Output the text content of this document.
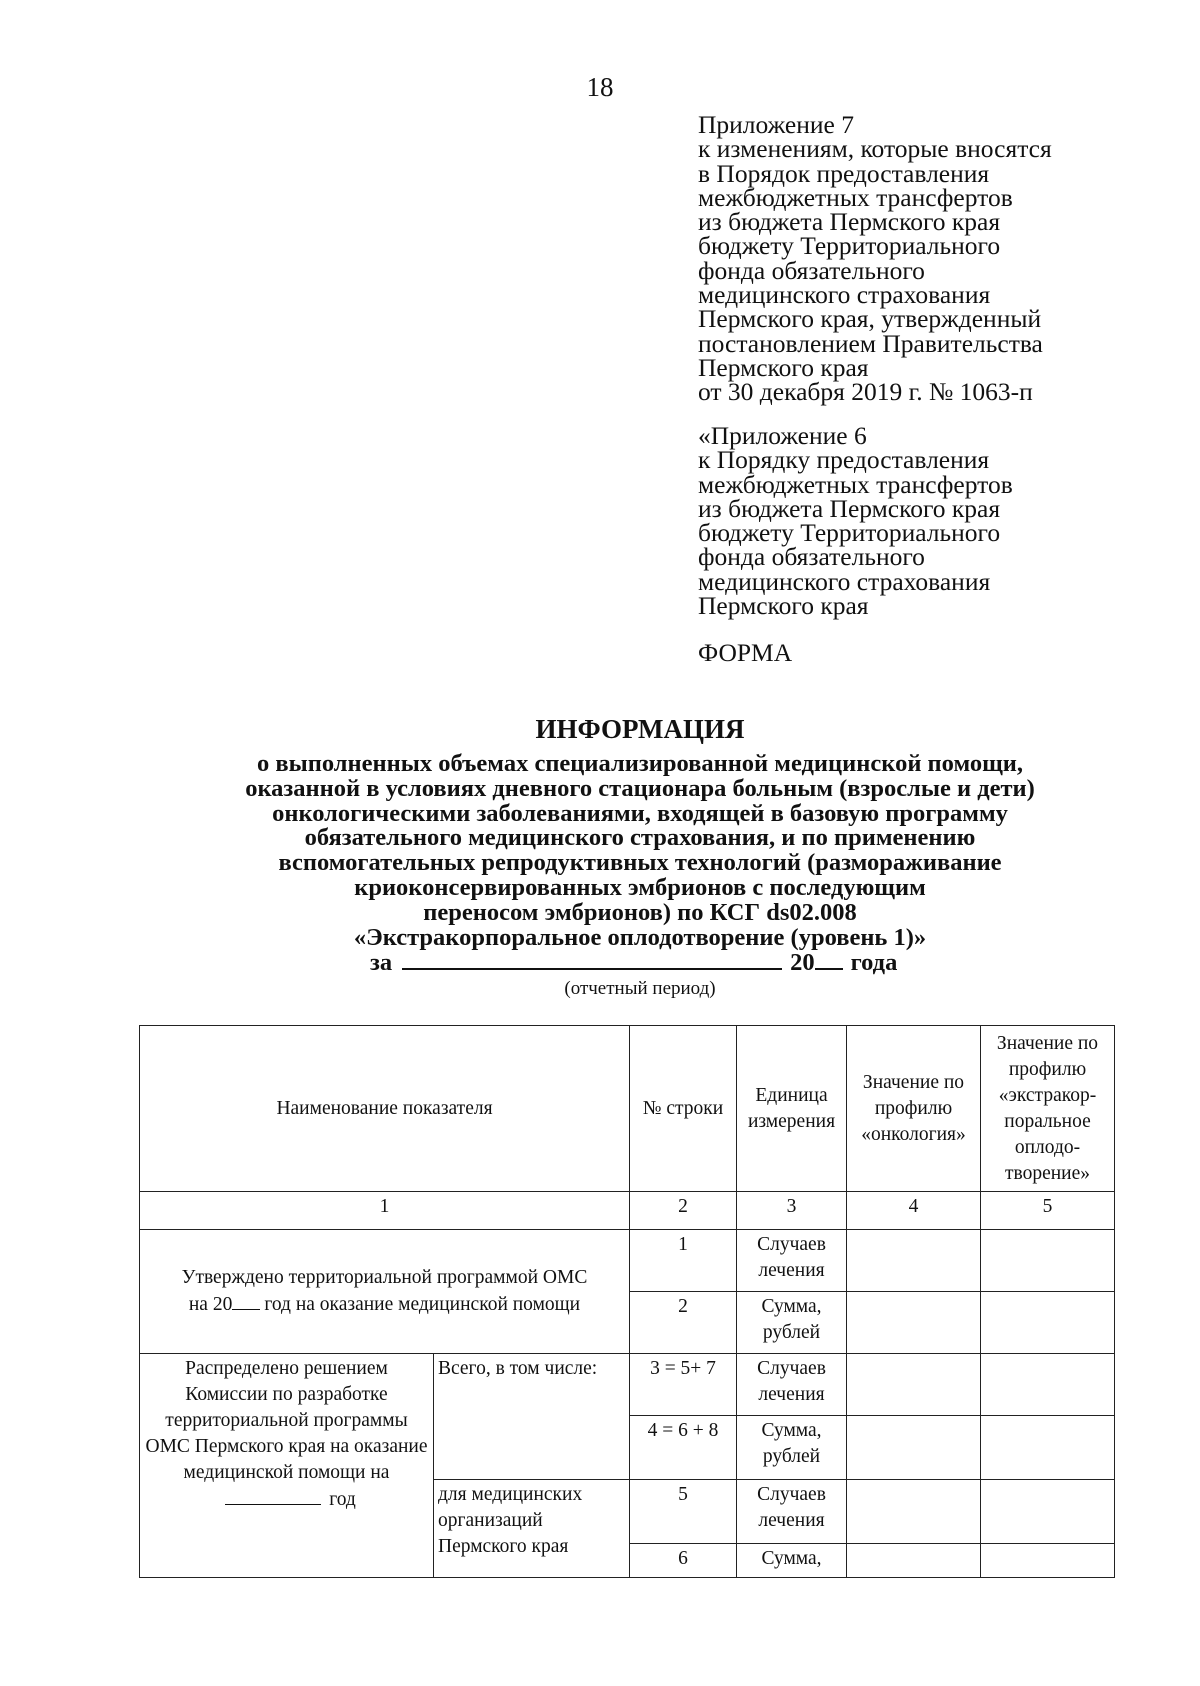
18
Приложение 7
к изменениям, которые вносятся
в Порядок предоставления
межбюджетных трансфертов
из бюджета Пермского края
бюджету Территориального
фонда обязательного
медицинского страхования
Пермского края, утвержденный
постановлением Правительства
Пермского края
от 30 декабря 2019 г. № 1063-п
«Приложение 6
к Порядку предоставления
межбюджетных трансфертов
из бюджета Пермского края
бюджету Территориального
фонда обязательного
медицинского страхования
Пермского края
ФОРМА
ИНФОРМАЦИЯ
о выполненных объемах специализированной медицинской помощи,
оказанной в условиях дневного стационара больным (взрослые и дети)
онкологическими заболеваниями, входящей в базовую программу
обязательного медицинского страхования, и по применению
вспомогательных репродуктивных технологий (размораживание
криоконсервированных эмбрионов с последующим
переносом эмбрионов) по КСГ ds02.008
«Экстракорпоральное оплодотворение (уровень 1)»
за	20 года
(отчетный период)
Наименование показателя		№ строки	Единица измерения	Значение по профилю «онкология»	Значение по профилю «экстракор-поральное оплодо-творение»
1		2	3	4	5
Утверждено территориальной программой ОМС
на 20 год на оказание медицинской помощи		1	Случаев лечения		
		2	Сумма, рублей		
Распределено решением Комиссии по разработке территориальной программы ОМС Пермского края на оказание медицинской помощи нагод	Всего, в том числе:	3 = 5+ 7	Случаев лечения		
		4 = 6 + 8	Сумма, рублей		
	для медицинских организаций Пермского края	5	Случаев лечения		
		6	Сумма,		
